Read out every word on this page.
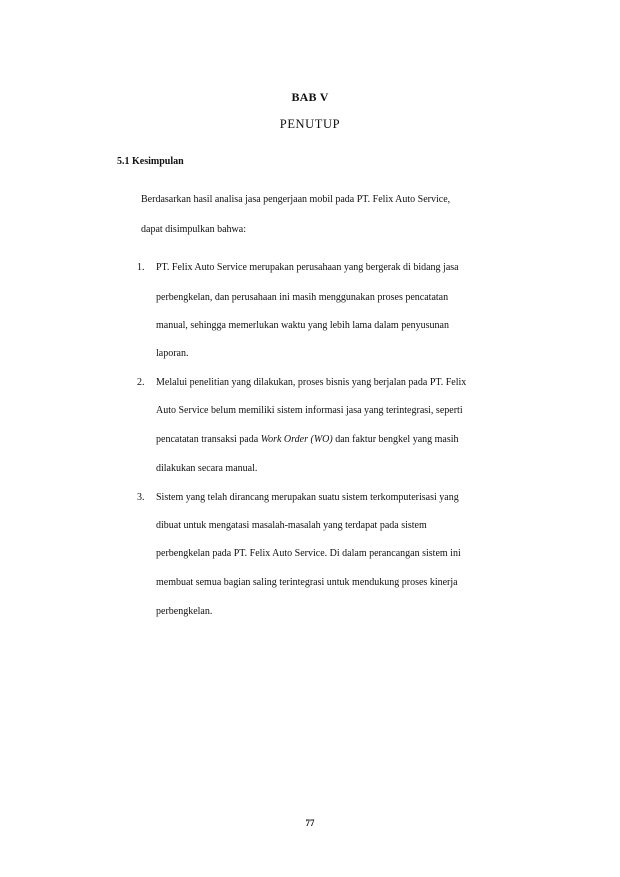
BAB V
PENUTUP
5.1 Kesimpulan
Berdasarkan hasil analisa jasa pengerjaan mobil pada PT. Felix Auto Service,
dapat disimpulkan bahwa:
1. PT. Felix Auto Service merupakan perusahaan yang bergerak di bidang jasa
perbengkelan, dan perusahaan ini masih menggunakan proses pencatatan
manual, sehingga memerlukan waktu yang lebih lama dalam penyusunan
laporan.
2. Melalui penelitian yang dilakukan, proses bisnis yang berjalan pada PT. Felix
Auto Service belum memiliki sistem informasi jasa yang terintegrasi, seperti
pencatatan transaksi pada Work Order (WO) dan faktur bengkel yang masih
dilakukan secara manual.
3. Sistem yang telah dirancang merupakan suatu sistem terkomputerisasi yang
dibuat untuk mengatasi masalah-masalah yang terdapat pada sistem
perbengkelan pada PT. Felix Auto Service. Di dalam perancangan sistem ini
membuat semua bagian saling terintegrasi untuk mendukung proses kinerja
perbengkelan.
77
